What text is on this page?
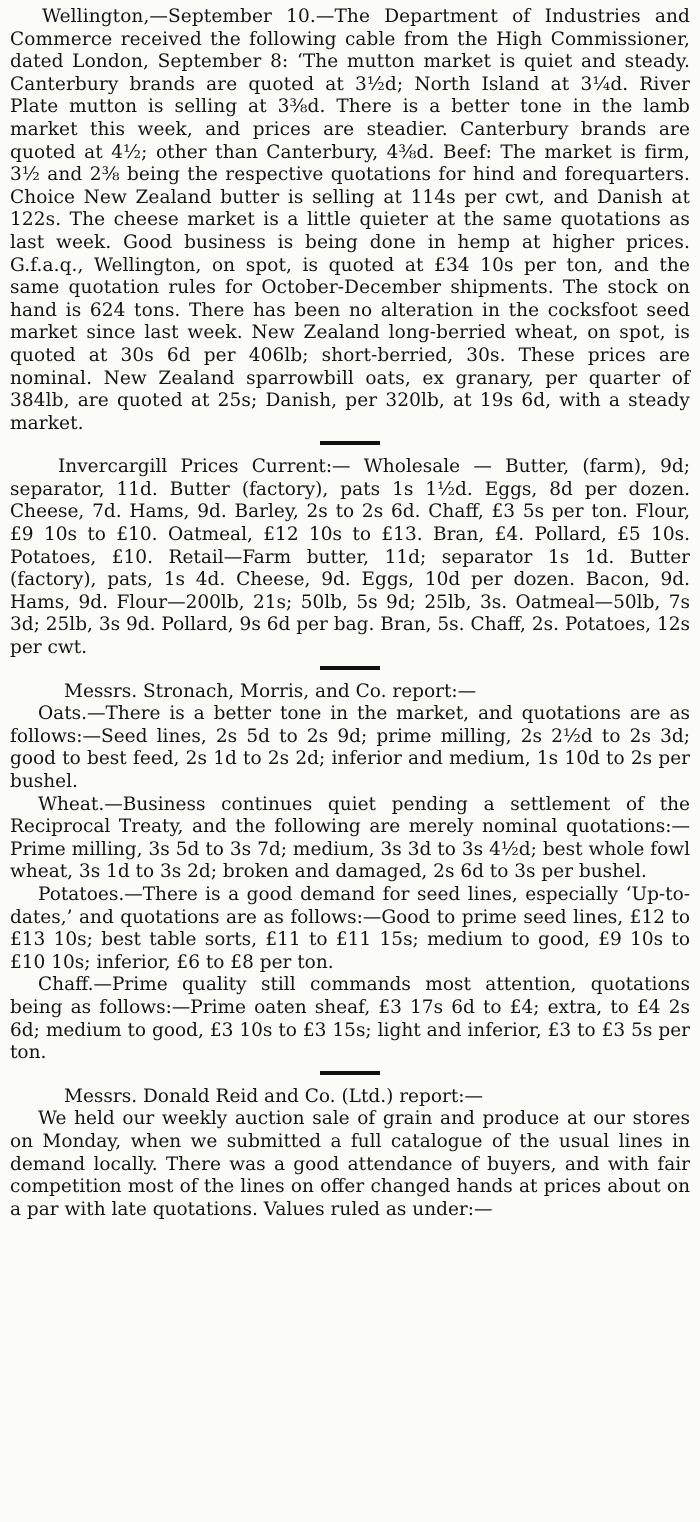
Wellington,—September 10.—The Department of Industries and Commerce received the following cable from the High Commissioner, dated London, September 8: ‘The mutton market is quiet and steady. Canterbury brands are quoted at 3½d; North Island at 3¼d. River Plate mutton is selling at 3⅜d. There is a better tone in the lamb market this week, and prices are steadier. Canterbury brands are quoted at 4½; other than Canterbury, 4⅜d. Beef: The market is firm, 3½ and 2⅜ being the respective quotations for hind and forequarters. Choice New Zealand butter is selling at 114s per cwt, and Danish at 122s. The cheese market is a little quieter at the same quotations as last week. Good business is being done in hemp at higher prices. G.f.a.q., Wellington, on spot, is quoted at £34 10s per ton, and the same quotation rules for October-December shipments. The stock on hand is 624 tons. There has been no alteration in the cocksfoot seed market since last week. New Zealand long-berried wheat, on spot, is quoted at 30s 6d per 406lb; short-berried, 30s. These prices are nominal. New Zealand sparrowbill oats, ex granary, per quarter of 384lb, are quoted at 25s; Danish, per 320lb, at 19s 6d, with a steady market.

Invercargill Prices Current:— Wholesale — Butter, (farm), 9d; separator, 11d. Butter (factory), pats 1s 1½d. Eggs, 8d per dozen. Cheese, 7d. Hams, 9d. Barley, 2s to 2s 6d. Chaff, £3 5s per ton. Flour, £9 10s to £10. Oatmeal, £12 10s to £13. Bran, £4. Pollard, £5 10s. Potatoes, £10. Retail—Farm butter, 11d; separator 1s 1d. Butter (factory), pats, 1s 4d. Cheese, 9d. Eggs, 10d per dozen. Bacon, 9d. Hams, 9d. Flour—200lb, 21s; 50lb, 5s 9d; 25lb, 3s. Oatmeal—50lb, 7s 3d; 25lb, 3s 9d. Pollard, 9s 6d per bag. Bran, 5s. Chaff, 2s. Potatoes, 12s per cwt.

Messrs. Stronach, Morris, and Co. report:—

Oats.—There is a better tone in the market, and quotations are as follows:—Seed lines, 2s 5d to 2s 9d; prime milling, 2s 2½d to 2s 3d; good to best feed, 2s 1d to 2s 2d; inferior and medium, 1s 10d to 2s per bushel.

Wheat.—Business continues quiet pending a settlement of the Reciprocal Treaty, and the following are merely nominal quotations:—Prime milling, 3s 5d to 3s 7d; medium, 3s 3d to 3s 4½d; best whole fowl wheat, 3s 1d to 3s 2d; broken and damaged, 2s 6d to 3s per bushel.

Potatoes.—There is a good demand for seed lines, especially ‘Up-to-dates,’ and quotations are as follows:—Good to prime seed lines, £12 to £13 10s; best table sorts, £11 to £11 15s; medium to good, £9 10s to £10 10s; inferior, £6 to £8 per ton.

Chaff.—Prime quality still commands most attention, quotations being as follows:—Prime oaten sheaf, £3 17s 6d to £4; extra, to £4 2s 6d; medium to good, £3 10s to £3 15s; light and inferior, £3 to £3 5s per ton.

Messrs. Donald Reid and Co. (Ltd.) report:—

We held our weekly auction sale of grain and produce at our stores on Monday, when we submitted a full catalogue of the usual lines in demand locally. There was a good attendance of buyers, and with fair competition most of the lines on offer changed hands at prices about on a par with late quotations. Values ruled as under:—
